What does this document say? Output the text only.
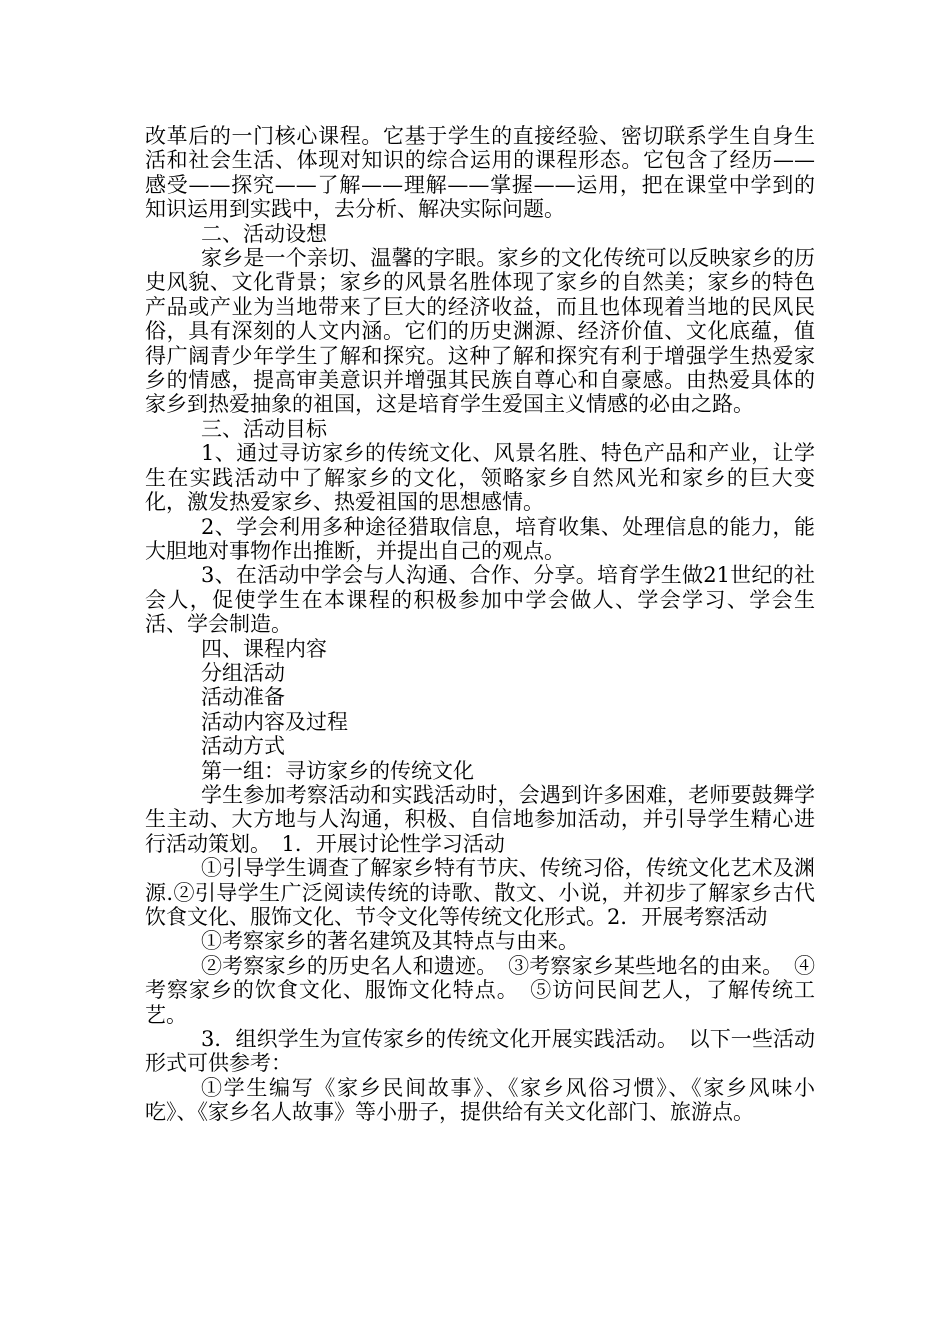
改革后的一门核心课程。它基于学生的直接经验、密切联系学生自身生活和社会生活、体现对知识的综合运用的课程形态。它包含了经历——感受——探究——了解——理解——掌握——运用，把在课堂中学到的知识运用到实践中，去分析、解决实际问题。

二、活动设想

家乡是一个亲切、温馨的字眼。家乡的文化传统可以反映家乡的历史风貌、文化背景；家乡的风景名胜体现了家乡的自然美；家乡的特色产品或产业为当地带来了巨大的经济收益，而且也体现着当地的民风民俗，具有深刻的人文内涵。它们的历史渊源、经济价值、文化底蕴，值得广阔青少年学生了解和探究。这种了解和探究有利于增强学生热爱家乡的情感，提高审美意识并增强其民族自尊心和自豪感。由热爱具体的家乡到热爱抽象的祖国，这是培育学生爱国主义情感的必由之路。

三、活动目标

1、通过寻访家乡的传统文化、风景名胜、特色产品和产业，让学生在实践活动中了解家乡的文化，领略家乡自然风光和家乡的巨大变化，激发热爱家乡、热爱祖国的思想感情。

2、学会利用多种途径猎取信息，培育收集、处理信息的能力，能大胆地对事物作出推断，并提出自己的观点。

3、在活动中学会与人沟通、合作、分享。培育学生做21世纪的社会人，促使学生在本课程的积极参加中学会做人、学会学习、学会生活、学会制造。

四、课程内容

分组活动

活动准备

活动内容及过程

活动方式

第一组：寻访家乡的传统文化

学生参加考察活动和实践活动时，会遇到许多困难，老师要鼓舞学生主动、大方地与人沟通，积极、自信地参加活动，并引导学生精心进行活动策划。　1．开展讨论性学习活动

①引导学生调查了解家乡特有节庆、传统习俗，传统文化艺术及渊源.②引导学生广泛阅读传统的诗歌、散文、小说，并初步了解家乡古代饮食文化、服饰文化、节令文化等传统文化形式。2．开展考察活动

①考察家乡的著名建筑及其特点与由来。

②考察家乡的历史名人和遗迹。　③考察家乡某些地名的由来。　④考察家乡的饮食文化、服饰文化特点。　⑤访问民间艺人，了解传统工艺。

3．组织学生为宣传家乡的传统文化开展实践活动。　以下一些活动形式可供参考：

①学生编写《家乡民间故事》、《家乡风俗习惯》、《家乡风味小吃》、《家乡名人故事》等小册子，提供给有关文化部门、旅游点。
